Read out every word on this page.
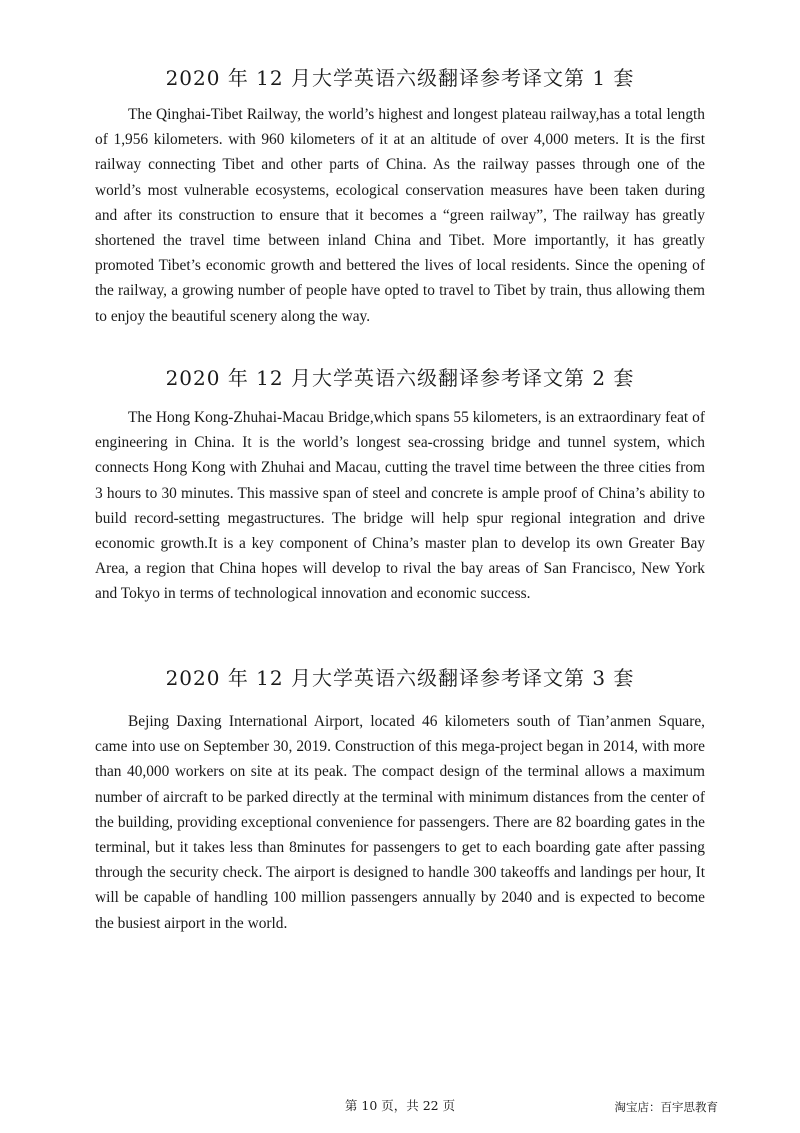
2020 年 12 月大学英语六级翻译参考译文第 1 套

The Qinghai-Tibet Railway, the world’s highest and longest plateau railway,has a total length of 1,956 kilometers. with 960 kilometers of it at an altitude of over 4,000 meters. It is the first railway connecting Tibet and other parts of China. As the railway passes through one of the world’s most vulnerable ecosystems, ecological conservation measures have been taken during and after its construction to ensure that it becomes a “green railway”, The railway has greatly shortened the travel time between inland China and Tibet. More importantly, it has greatly promoted Tibet’s economic growth and bettered the lives of local residents. Since the opening of the railway, a growing number of people have opted to travel to Tibet by train, thus allowing them to enjoy the beautiful scenery along the way.

2020 年 12 月大学英语六级翻译参考译文第 2 套

The Hong Kong-Zhuhai-Macau Bridge,which spans 55 kilometers, is an extraordinary feat of engineering in China. It is the world’s longest sea-crossing bridge and tunnel system, which connects Hong Kong with Zhuhai and Macau, cutting the travel time between the three cities from 3 hours to 30 minutes. This massive span of steel and concrete is ample proof of China’s ability to build record-setting megastructures. The bridge will help spur regional integration and drive economic growth.It is a key component of China’s master plan to develop its own Greater Bay Area, a region that China hopes will develop to rival the bay areas of San Francisco, New York and Tokyo in terms of technological innovation and economic success.

2020 年 12 月大学英语六级翻译参考译文第 3 套

Bejing Daxing International Airport, located 46 kilometers south of Tian’anmen Square, came into use on September 30, 2019. Construction of this mega-project began in 2014, with more than 40,000 workers on site at its peak. The compact design of the terminal allows a maximum number of aircraft to be parked directly at the terminal with minimum distances from the center of the building, providing exceptional convenience for passengers. There are 82 boarding gates in the terminal, but it takes less than 8minutes for passengers to get to each boarding gate after passing through the security check. The airport is designed to handle 300 takeoffs and landings per hour, It will be capable of handling 100 million passengers annually by 2040 and is expected to become the busiest airport in the world.

第 10 页，共 22 页	淘宝店：百宇思教育
